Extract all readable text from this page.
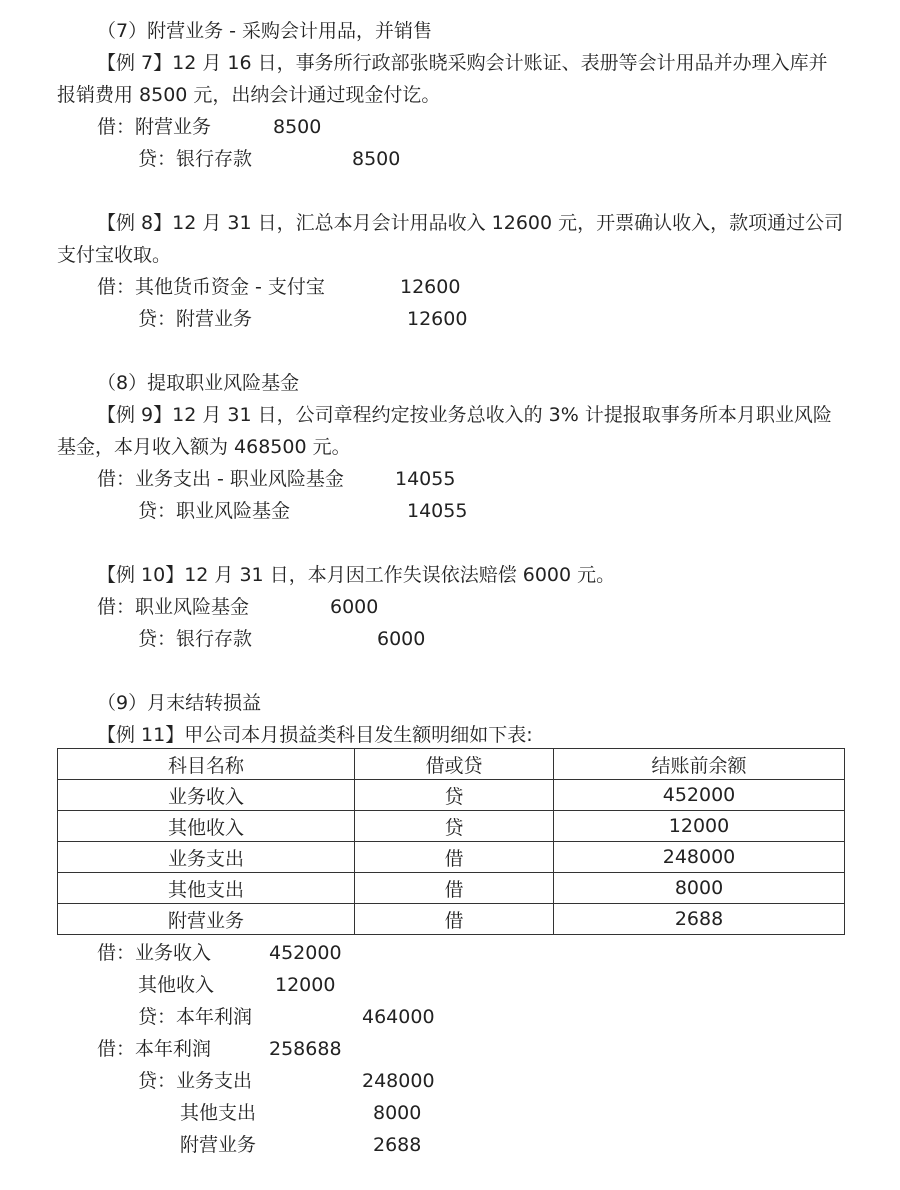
（7）附营业务 - 采购会计用品，并销售
【例 7】12 月 16 日，事务所行政部张晓采购会计账证、表册等会计用品并办理入库并
报销费用 8500 元，出纳会计通过现金付讫。
借：附营业务	8500
贷：银行存款	8500
【例 8】12 月 31 日，汇总本月会计用品收入 12600 元，开票确认收入，款项通过公司
支付宝收取。
借：其他货币资金 - 支付宝	12600
贷：附营业务	12600
（8）提取职业风险基金
【例 9】12 月 31 日，公司章程约定按业务总收入的 3% 计提报取事务所本月职业风险
基金，本月收入额为 468500 元。
借：业务支出 - 职业风险基金	14055
贷：职业风险基金	14055
【例 10】12 月 31 日，本月因工作失误依法赔偿 6000 元。
借：职业风险基金	6000
贷：银行存款	6000
（9）月末结转损益
【例 11】甲公司本月损益类科目发生额明细如下表:
科目名称	借或贷	结账前余额
业务收入	贷	452000
其他收入	贷	12000
业务支出	借	248000
其他支出	借	8000
附营业务	借	2688
借：业务收入	452000
其他收入	12000
贷：本年利润	464000
借：本年利润	258688
贷：业务支出	248000
其他支出	8000
附营业务	2688
